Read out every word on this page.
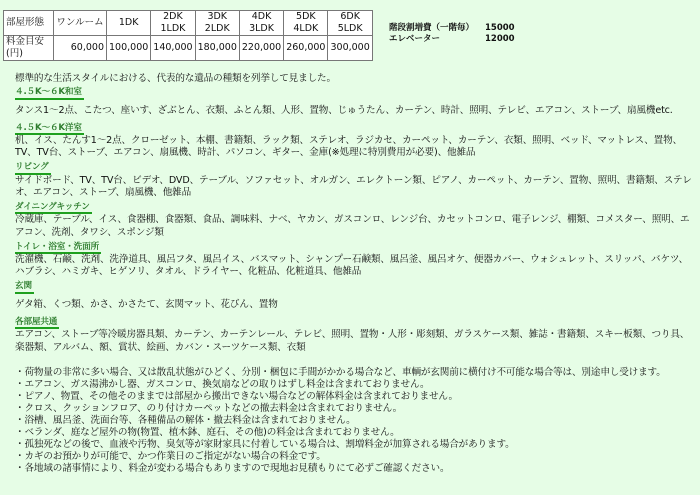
部屋形態	ワンルーム	1DK	2DK 1LDK	3DK 2LDK	4DK 3LDK	5DK 4LDK	6DK 5LDK
料金目安(円)	60,000	100,000	140,000	180,000	220,000	260,000	300,000
階段割増費（一階毎）	15000
エレベーター	12000

標準的な生活スタイルにおける、代表的な遺品の種類を列挙して見ました。

４.５K～６K和室

タンス1～2点、こたつ、座いす、ざぶとん、衣類、ふとん類、人形、置物、じゅうたん、カーテン、時計、照明、テレビ、エアコン、ストーブ、扇風機etc.

４.５K～６K洋室

机、イス、たんす1～2点、クローゼット、本棚、書籍類、ラック類、ステレオ、ラジカセ、カーペット、カーテン、衣類、照明、ベッド、マットレス、置物、TV、TV台、ストーブ、エアコン、扇風機、時計、パソコン、ギター、金庫(※処理に特別費用が必要)、他雑品

リビング

サイドボード、TV、TV台、ビデオ、DVD、テーブル、ソファセット、オルガン、エレクトーン類、ピアノ、カーペット、カーテン、置物、照明、書籍類、ステレオ、エアコン、ストーブ、扇風機、他雑品

ダイニングキッチン

冷蔵庫、テーブル、イス、食器棚、食器類、食品、調味料、ナベ、ヤカン、ガスコンロ、レンジ台、カセットコンロ、電子レンジ、棚類、コメスター、照明、エアコン、洗剤、タワシ、スポンジ類

トイレ・浴室・洗面所

洗濯機、石鹸、洗剤、洗浄道具、風呂フタ、風呂イス、バスマット、シャンプー石鹸類、風呂釜、風呂オケ、便器カバー、ウォシュレット、スリッパ、バケツ、ハブラシ、ハミガキ、ヒゲソリ、タオル、ドライヤー、化粧品、化粧道具、他雑品

玄関

ゲタ箱、くつ類、かさ、かさたて、玄関マット、花びん、置物

各部屋共通

エアコン、ストーブ等冷暖房器具類、カーテン、カーテンレール、テレビ、照明、置物・人形・彫刻類、ガラスケース類、雑誌・書籍類、スキー板類、つり具、楽器類、アルバム、額、賞状、絵画、カバン・スーツケース類、衣類

・荷物量の非常に多い場合、又は散乱状態がひどく、分別・梱包に手間がかかる場合など、車輌が玄関前に横付け不可能な場合等は、別途申し受けます。

・エアコン、ガス湯沸かし器、ガスコンロ、換気扇などの取りはずし料金は含まれておりません。

・ピアノ、物置、その他そのままでは部屋から搬出できない場合などの解体料金は含まれておりません。

・クロス、クッションフロア、のり付けカーペットなどの撤去料金は含まれておりません。

・浴槽、風呂釜、洗面台等、各種備品の解体・撤去料金は含まれておりません。

・ベランダ、庭など屋外の物(物置、植木鉢、庭石、その他)の料金は含まれておりません。

・孤独死などの後で、血液や汚物、臭気等が家財家具に付着している場合は、割増料金が加算される場合があります。

・カギのお預かりが可能で、かつ作業日のご指定がない場合の料金です。

・各地域の諸事情により、料金が変わる場合もありますので現地お見積もりにて必ずご確認ください。
